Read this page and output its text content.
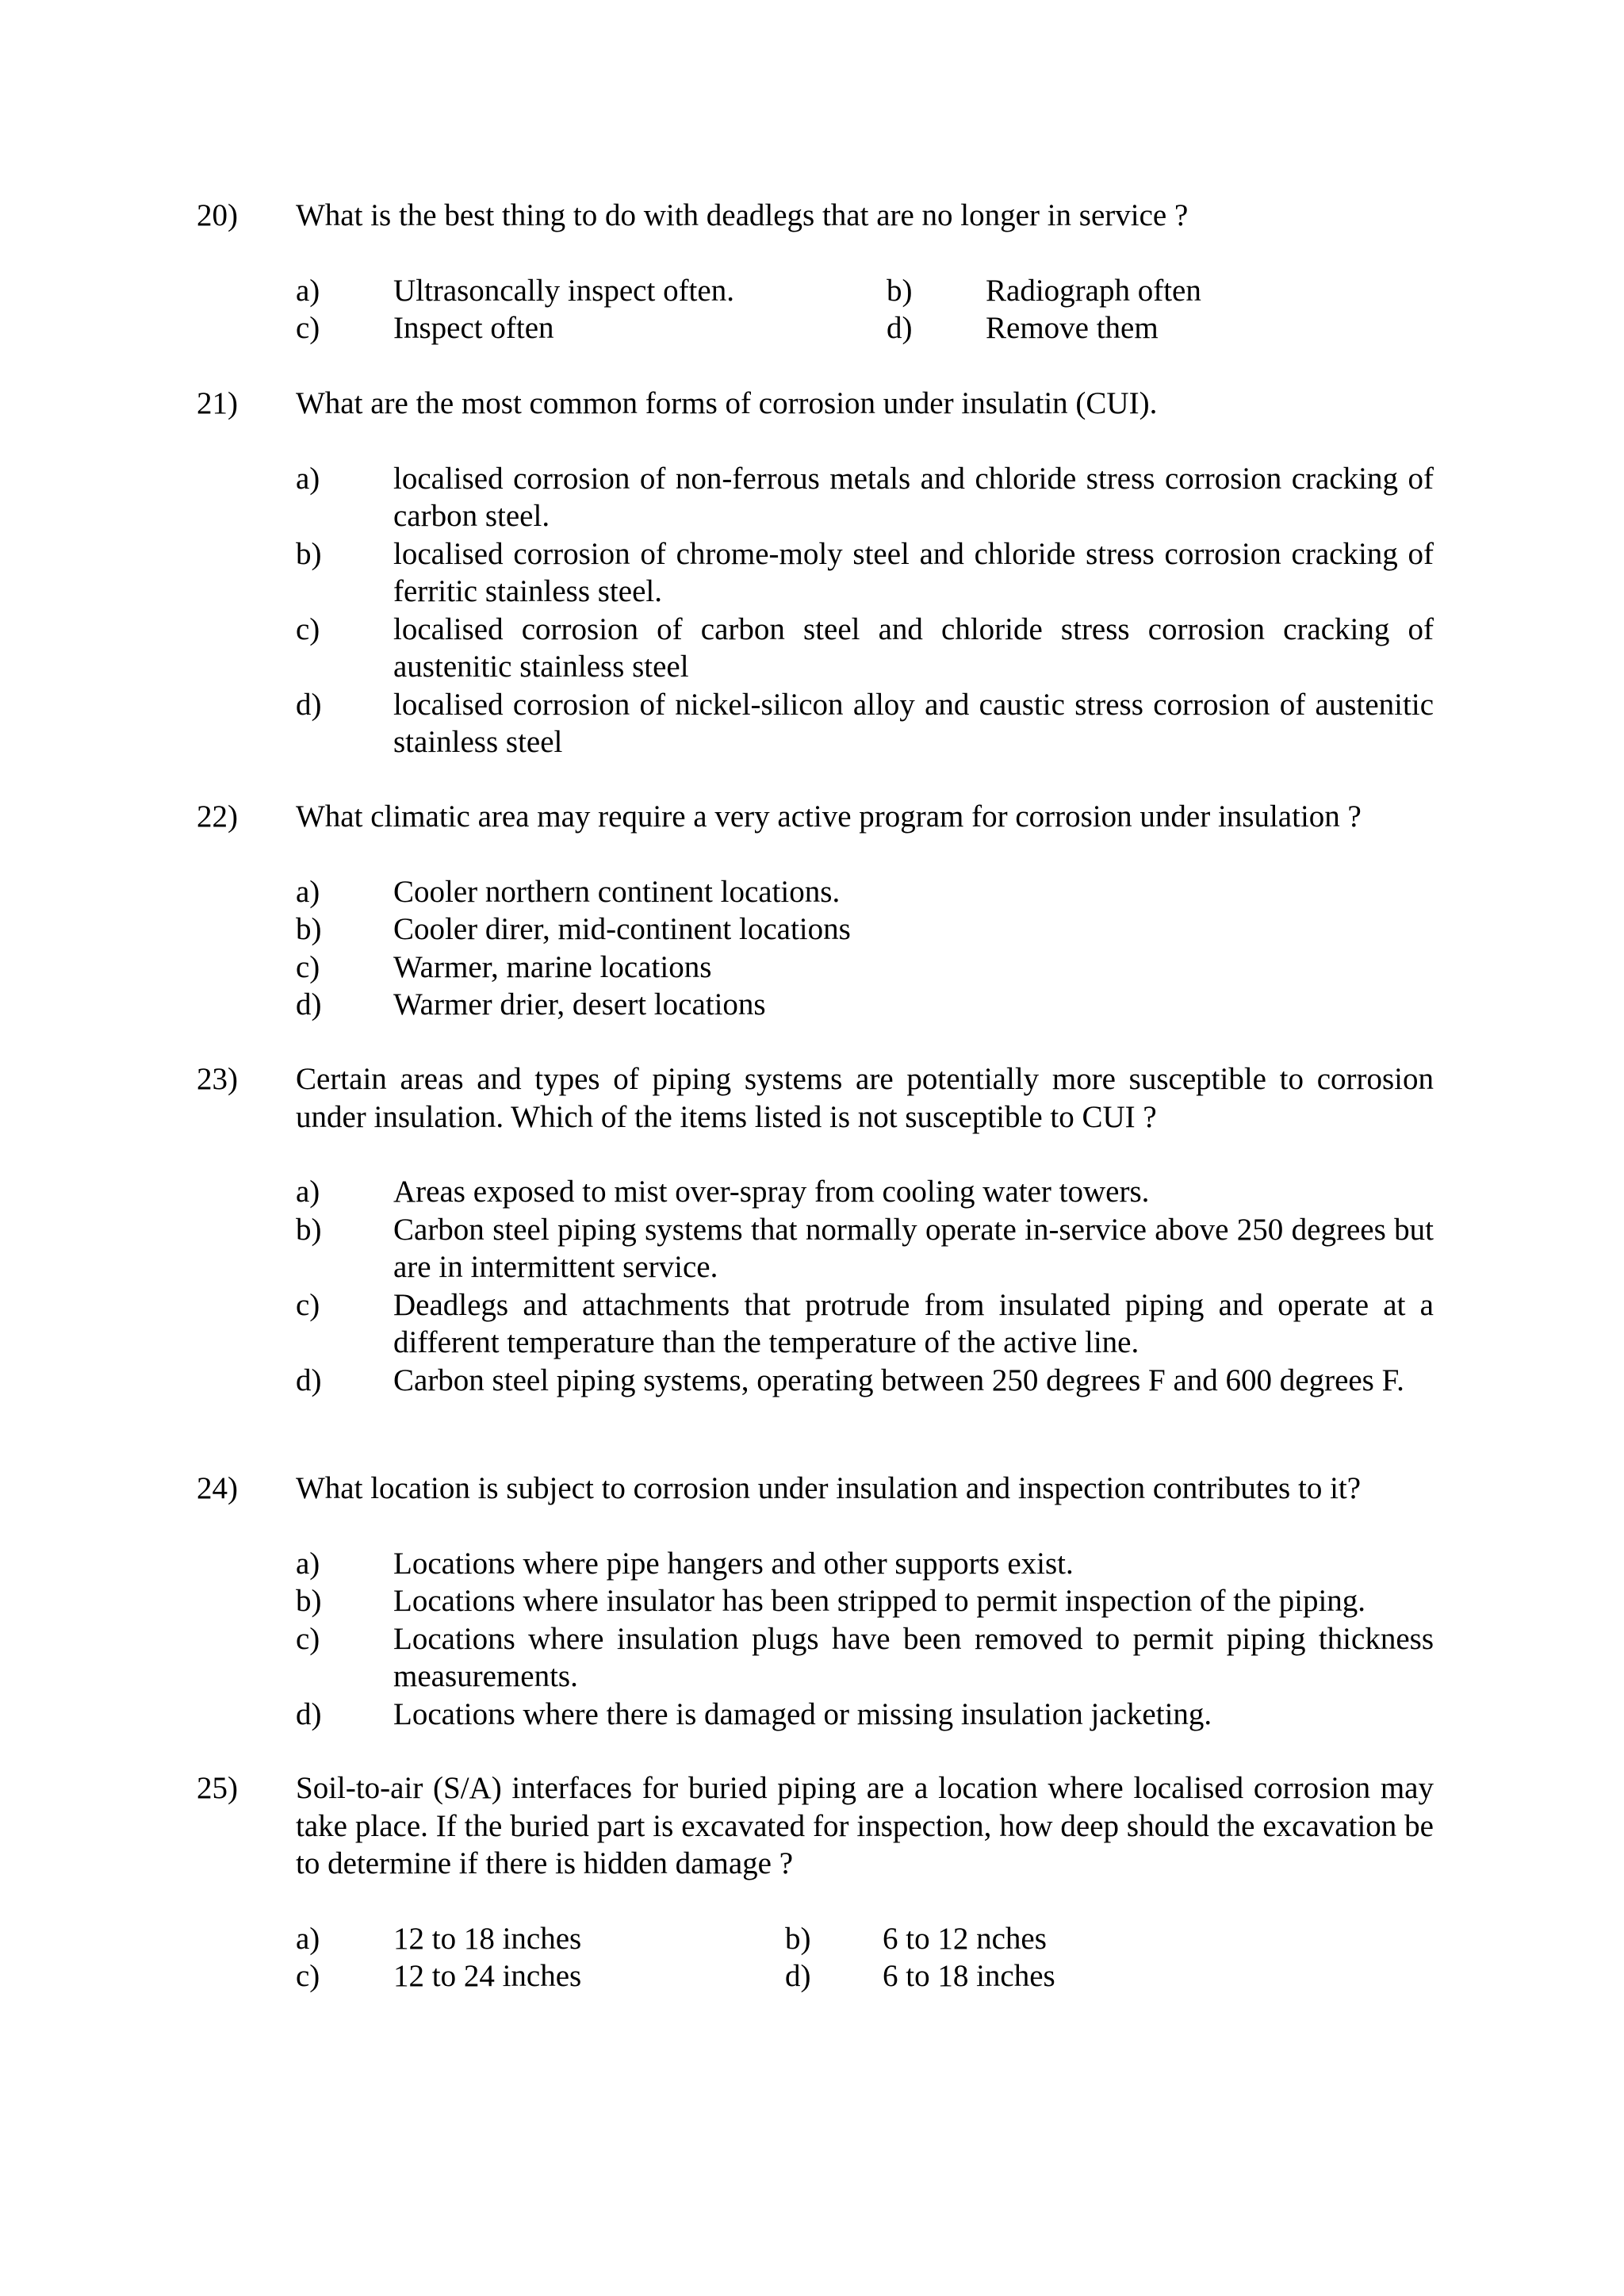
20) What is the best thing to do with deadlegs that are no longer in service ?
a) Ultrasoncally inspect often.	b) Radiograph often
c) Inspect often	d) Remove them
21) What are the most common forms of corrosion under insulatin (CUI).
a) localised corrosion of non-ferrous metals and chloride stress corrosion cracking of carbon steel.
b) localised corrosion of chrome-moly steel and chloride stress corrosion cracking of ferritic stainless steel.
c) localised corrosion of carbon steel and chloride stress corrosion cracking of austenitic stainless steel
d) localised corrosion of nickel-silicon alloy and caustic stress corrosion of austenitic stainless steel
22) What climatic area may require a very active program for corrosion under insulation ?
a) Cooler northern continent locations.
b) Cooler direr, mid-continent locations
c) Warmer, marine locations
d) Warmer drier, desert locations
23) Certain areas and types of piping systems are potentially more susceptible to corrosion under insulation. Which of the items listed is not susceptible to CUI ?
a) Areas exposed to mist over-spray from cooling water towers.
b) Carbon steel piping systems that normally operate in-service above 250 degrees but are in intermittent service.
c) Deadlegs and attachments that protrude from insulated piping and operate at a different temperature than the temperature of the active line.
d) Carbon steel piping systems, operating between 250 degrees F and 600 degrees F.
24) What location is subject to corrosion under insulation and inspection contributes to it?
a) Locations where pipe hangers and other supports exist.
b) Locations where insulator has been stripped to permit inspection of the piping.
c) Locations where insulation plugs have been removed to permit piping thickness measurements.
d) Locations where there is damaged or missing insulation jacketing.
25) Soil-to-air (S/A) interfaces for buried piping are a location where localised corrosion may take place. If the buried part is excavated for inspection, how deep should the excavation be to determine if there is hidden damage ?
a) 12 to 18 inches	b) 6 to 12 nches
c) 12 to 24 inches	d) 6 to 18 inches
